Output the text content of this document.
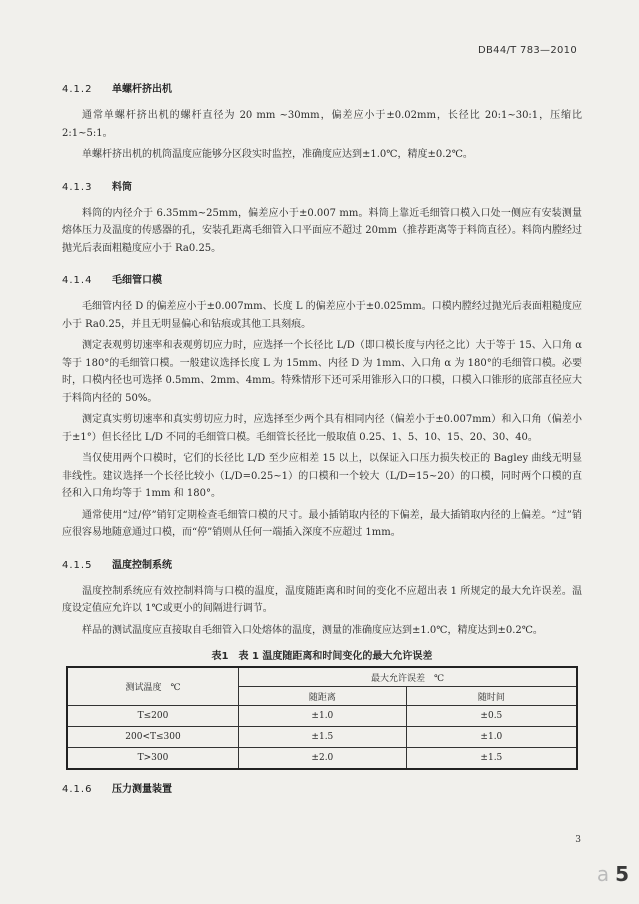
DB44/T 783—2010
4.1.2 单螺杆挤出机

通常单螺杆挤出机的螺杆直径为 20 mm ~30mm，偏差应小于±0.02mm，长径比 20:1~30:1，压缩比 2:1~5:1。

单螺杆挤出机的机筒温度应能够分区段实时监控，准确度应达到±1.0℃，精度±0.2℃。

4.1.3 料筒

料筒的内径介于 6.35mm~25mm，偏差应小于±0.007 mm。料筒上靠近毛细管口模入口处一侧应有安装测量熔体压力及温度的传感器的孔，安装孔距离毛细管入口平面应不超过 20mm（推荐距离等于料筒直径）。料筒内膛经过抛光后表面粗糙度应小于 Ra0.25。

4.1.4 毛细管口模

毛细管内径 D 的偏差应小于±0.007mm、长度 L 的偏差应小于±0.025mm。口模内膛经过抛光后表面粗糙度应小于 Ra0.25，并且无明显偏心和钻痕或其他工具刻痕。

测定表观剪切速率和表观剪切应力时，应选择一个长径比 L/D（即口模长度与内径之比）大于等于 15、入口角 α 等于 180°的毛细管口模。一般建议选择长度 L 为 15mm、内径 D 为 1mm、入口角 α 为 180°的毛细管口模。必要时，口模内径也可选择 0.5mm、2mm、4mm。特殊情形下还可采用锥形入口的口模，口模入口锥形的底部直径应大于料筒内径的 50%。

测定真实剪切速率和真实剪切应力时，应选择至少两个具有相同内径（偏差小于±0.007mm）和入口角（偏差小于±1°）但长径比 L/D 不同的毛细管口模。毛细管长径比一般取值 0.25、1、5、10、15、20、30、40。

当仅使用两个口模时，它们的长径比 L/D 至少应相差 15 以上，以保证入口压力损失校正的 Bagley 曲线无明显非线性。建议选择一个长径比较小（L/D=0.25~1）的口模和一个较大（L/D=15~20）的口模，同时两个口模的直径和入口角均等于 1mm 和 180°。

通常使用“过/停”销钉定期检查毛细管口模的尺寸。最小插销取内径的下偏差，最大插销取内径的上偏差。“过”销应很容易地随意通过口模，而“停”销则从任何一端插入深度不应超过 1mm。

4.1.5 温度控制系统

温度控制系统应有效控制料筒与口模的温度，温度随距离和时间的变化不应超出表 1 所规定的最大允许误差。温度设定值应允许以 1℃或更小的间隔进行调节。

样品的测试温度应直接取自毛细管入口处熔体的温度，测量的准确度应达到±1.0℃，精度达到±0.2℃。

表1　表 1 温度随距离和时间变化的最大允许误差
测试温度　℃	最大允许误差　℃	
	随距离	随时间
T≤200	±1.0	±0.5
200<T≤300	±1.5	±1.0
T>300	±2.0	±1.5
4.1.6 压力测量装置
3
a 5
